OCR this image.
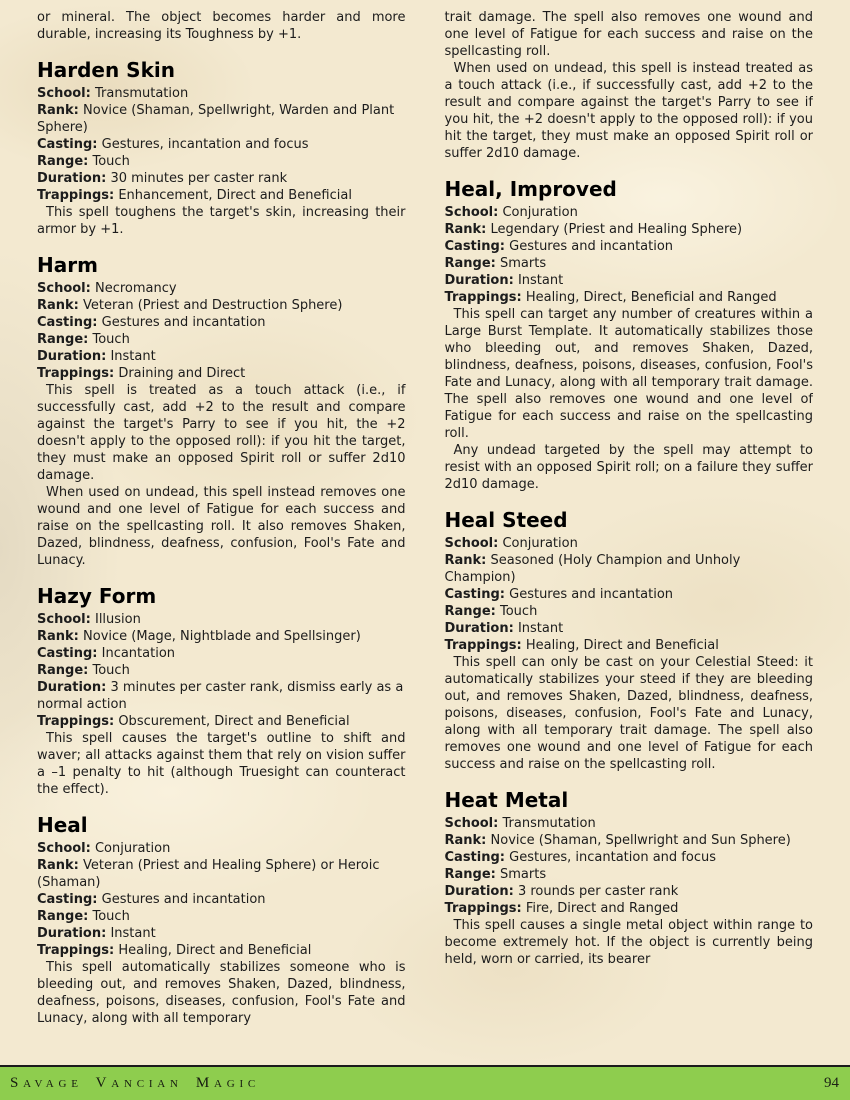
or mineral. The object becomes harder and more durable, increasing its Toughness by +1.

Harden Skin
School: Transmutation
Rank: Novice (Shaman, Spellwright, Warden and Plant Sphere)
Casting: Gestures, incantation and focus
Range: Touch
Duration: 30 minutes per caster rank
Trappings: Enhancement, Direct and Beneficial

This spell toughens the target's skin, increasing their armor by +1.

Harm
School: Necromancy
Rank: Veteran (Priest and Destruction Sphere)
Casting: Gestures and incantation
Range: Touch
Duration: Instant
Trappings: Draining and Direct

This spell is treated as a touch attack (i.e., if successfully cast, add +2 to the result and compare against the target's Parry to see if you hit, the +2 doesn't apply to the opposed roll): if you hit the target, they must make an opposed Spirit roll or suffer 2d10 damage.

When used on undead, this spell instead removes one wound and one level of Fatigue for each success and raise on the spellcasting roll. It also removes Shaken, Dazed, blindness, deafness, confusion, Fool's Fate and Lunacy.

Hazy Form
School: Illusion
Rank: Novice (Mage, Nightblade and Spellsinger)
Casting: Incantation
Range: Touch
Duration: 3 minutes per caster rank, dismiss early as a normal action
Trappings: Obscurement, Direct and Beneficial

This spell causes the target's outline to shift and waver; all attacks against them that rely on vision suffer a –1 penalty to hit (although Truesight can counteract the effect).

Heal
School: Conjuration
Rank: Veteran (Priest and Healing Sphere) or Heroic (Shaman)
Casting: Gestures and incantation
Range: Touch
Duration: Instant
Trappings: Healing, Direct and Beneficial

This spell automatically stabilizes someone who is bleeding out, and removes Shaken, Dazed, blindness, deafness, poisons, diseases, confusion, Fool's Fate and Lunacy, along with all temporary

trait damage. The spell also removes one wound and one level of Fatigue for each success and raise on the spellcasting roll.

When used on undead, this spell is instead treated as a touch attack (i.e., if successfully cast, add +2 to the result and compare against the target's Parry to see if you hit, the +2 doesn't apply to the opposed roll): if you hit the target, they must make an opposed Spirit roll or suffer 2d10 damage.

Heal, Improved
School: Conjuration
Rank: Legendary (Priest and Healing Sphere)
Casting: Gestures and incantation
Range: Smarts
Duration: Instant
Trappings: Healing, Direct, Beneficial and Ranged

This spell can target any number of creatures within a Large Burst Template. It automatically stabilizes those who bleeding out, and removes Shaken, Dazed, blindness, deafness, poisons, diseases, confusion, Fool's Fate and Lunacy, along with all temporary trait damage. The spell also removes one wound and one level of Fatigue for each success and raise on the spellcasting roll.

Any undead targeted by the spell may attempt to resist with an opposed Spirit roll; on a failure they suffer 2d10 damage.

Heal Steed
School: Conjuration
Rank: Seasoned (Holy Champion and Unholy Champion)
Casting: Gestures and incantation
Range: Touch
Duration: Instant
Trappings: Healing, Direct and Beneficial

This spell can only be cast on your Celestial Steed: it automatically stabilizes your steed if they are bleeding out, and removes Shaken, Dazed, blindness, deafness, poisons, diseases, confusion, Fool's Fate and Lunacy, along with all temporary trait damage. The spell also removes one wound and one level of Fatigue for each success and raise on the spellcasting roll.

Heat Metal
School: Transmutation
Rank: Novice (Shaman, Spellwright and Sun Sphere)
Casting: Gestures, incantation and focus
Range: Smarts
Duration: 3 rounds per caster rank
Trappings: Fire, Direct and Ranged

This spell causes a single metal object within range to become extremely hot. If the object is currently being held, worn or carried, its bearer

Savage Vancian Magic	94
